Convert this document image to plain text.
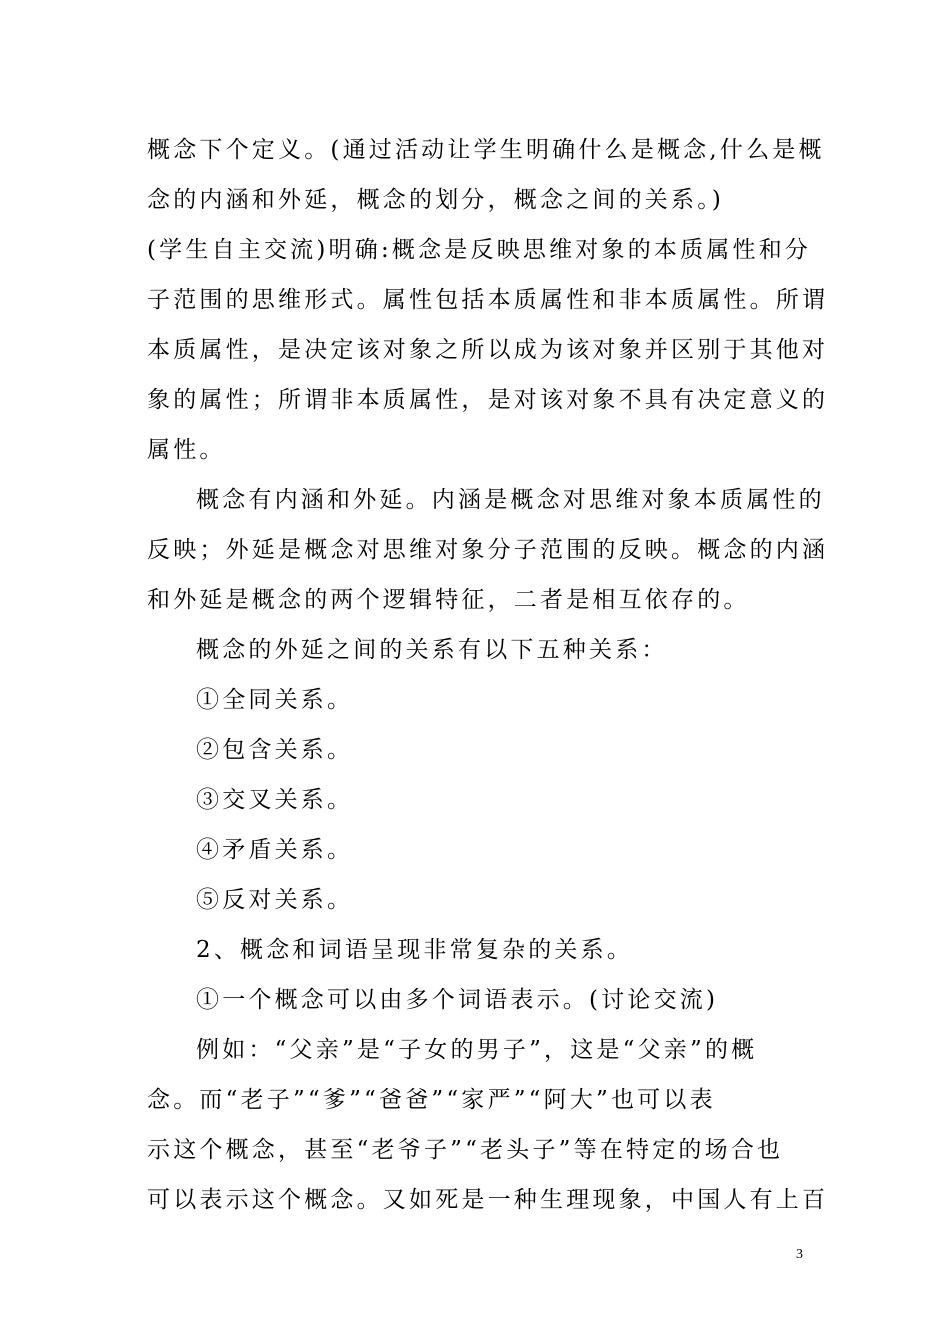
概念下个定义。(通过活动让学生明确什么是概念,什么是概
念的内涵和外延，概念的划分，概念之间的关系。)
(学生自主交流)明确:概念是反映思维对象的本质属性和分
子范围的思维形式。属性包括本质属性和非本质属性。所谓
本质属性，是决定该对象之所以成为该对象并区别于其他对
象的属性；所谓非本质属性，是对该对象不具有决定意义的
属性。
概念有内涵和外延。内涵是概念对思维对象本质属性的
反映；外延是概念对思维对象分子范围的反映。概念的内涵
和外延是概念的两个逻辑特征，二者是相互依存的。
概念的外延之间的关系有以下五种关系：
①全同关系。
②包含关系。
③交叉关系。
④矛盾关系。
⑤反对关系。
2、概念和词语呈现非常复杂的关系。
①一个概念可以由多个词语表示。(讨论交流)
例如：“父亲”是“子女的男子”，这是“父亲”的概
念。而“老子”“爹”“爸爸”“家严”“阿大”也可以表
示这个概念，甚至“老爷子”“老头子”等在特定的场合也
可以表示这个概念。又如死是一种生理现象，中国人有上百
3
